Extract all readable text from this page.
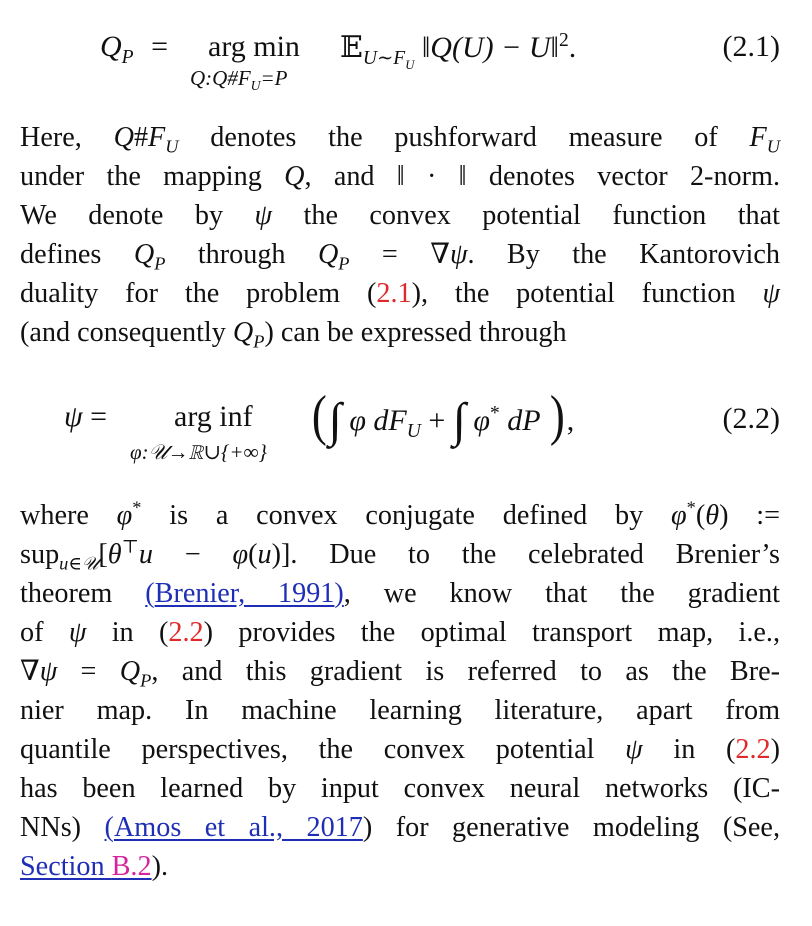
$Q_P$ = arg min
$Q:Q\#F_U=P$
𝔼$_{U\sim F_U}$ ‖Q(U) − U‖$^2$.	(2.1)
Here, $Q\#F_U$ denotes the pushforward measure of $F_U$
under the mapping Q, and ‖ · ‖ denotes vector 2-norm.
We denote by ψ the convex potential function that
defines $Q_P$ through $Q_P = \nabla\psi$. By the Kantorovich
duality for the problem (2.1), the potential function ψ
(and consequently $Q_P$) can be expressed through
ψ = arg inf
φ:𝒰→ℝ∪{+∞}
(∫ φ $dF_U$ + ∫ φ* dP ),	(2.2)
where φ* is a convex conjugate defined by φ*(θ) :=
sup$_{u\in 𝒰}$[θ⊤u − φ(u)]. Due to the celebrated Brenier’s
theorem (Brenier, 1991), we know that the gradient
of ψ in (2.2) provides the optimal transport map, i.e.,
$\nabla\psi = Q_P$, and this gradient is referred to as the Bre-
nier map. In machine learning literature, apart from
quantile perspectives, the convex potential ψ in (2.2)
has been learned by input convex neural networks (IC-
NNs) (Amos et al., 2017) for generative modeling (See,
Section B.2).
